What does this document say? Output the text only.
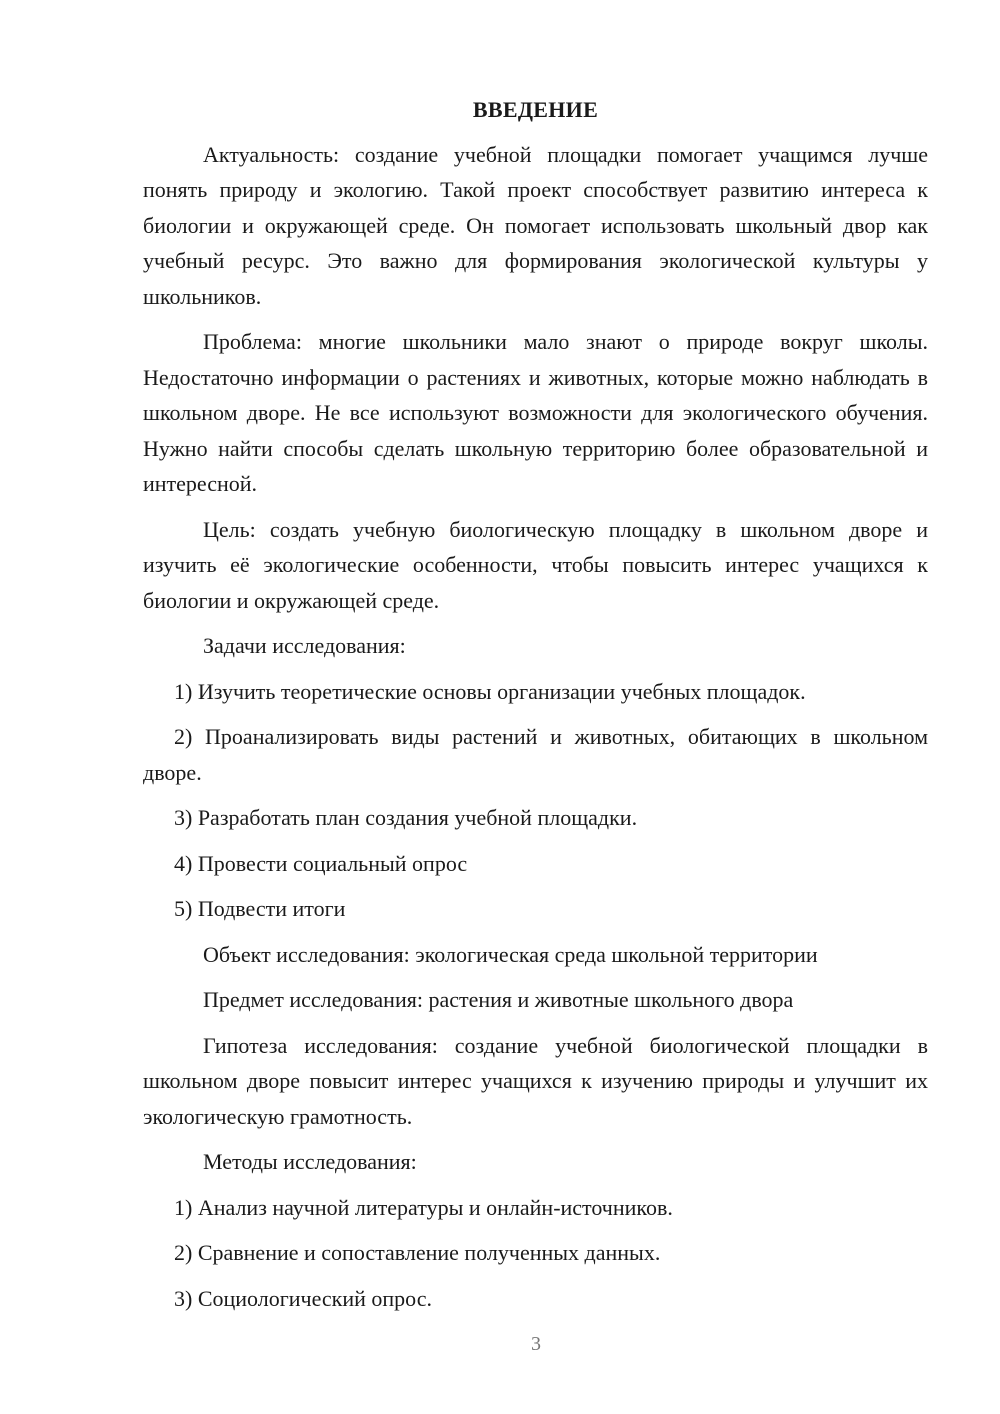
ВВЕДЕНИЕ

Актуальность: создание учебной площадки помогает учащимся лучше понять природу и экологию. Такой проект способствует развитию интереса к биологии и окружающей среде. Он помогает использовать школьный двор как учебный ресурс. Это важно для формирования экологической культуры у школьников.

Проблема: многие школьники мало знают о природе вокруг школы. Недостаточно информации о растениях и животных, которые можно наблюдать в школьном дворе. Не все используют возможности для экологического обучения. Нужно найти способы сделать школьную территорию более образовательной и интересной.

Цель: создать учебную биологическую площадку в школьном дворе и изучить её экологические особенности, чтобы повысить интерес учащихся к биологии и окружающей среде.

Задачи исследования:

1) Изучить теоретические основы организации учебных площадок.

2) Проанализировать виды растений и животных, обитающих в школьном дворе.

3) Разработать план создания учебной площадки.

4) Провести социальный опрос

5) Подвести итоги

Объект исследования: экологическая среда школьной территории

Предмет исследования: растения и животные школьного двора

Гипотеза исследования: создание учебной биологической площадки в школьном дворе повысит интерес учащихся к изучению природы и улучшит их экологическую грамотность.

Методы исследования:

1) Анализ научной литературы и онлайн-источников.

2) Сравнение и сопоставление полученных данных.

3) Социологический опрос.

3
